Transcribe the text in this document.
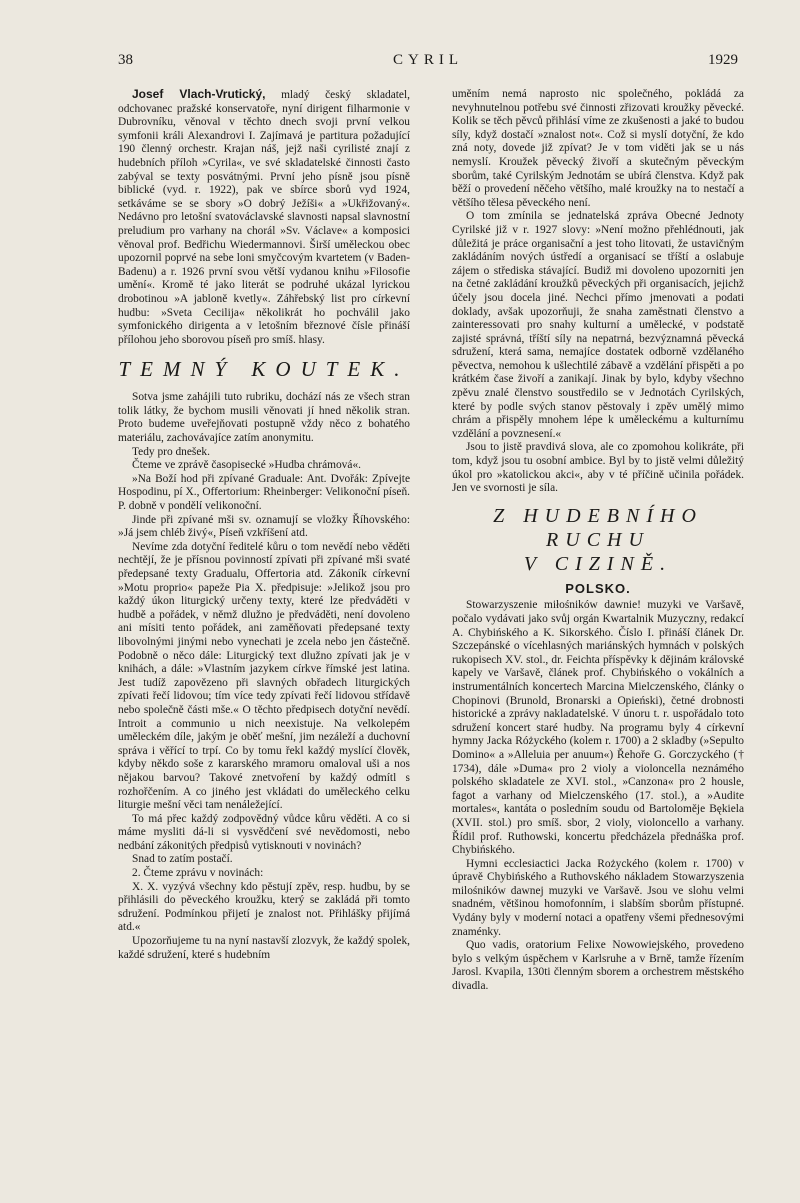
38	CYRIL	1929

Josef Vlach-Vrutický, mladý český skladatel, odchovanec pražské konservatoře, nyní dirigent filharmonie v Dubrovníku, věnoval v těchto dnech svoji první velkou symfonii králi Alexandrovi I. Zajímavá je partitura požadující 190 členný orchestr. Krajan náš, jejž naši cyrilisté znají z hudebních příloh »Cyrila«, ve své skladatelské činnosti často zabýval se texty posvátnými. První jeho písně jsou písně biblické (vyd. r. 1922), pak ve sbírce sborů vyd 1924, setkáváme se se sbory »O dobrý Ježíši« a »Ukřižovaný«. Nedávno pro letošní svatováclavské slavnosti napsal slavnostní preludium pro varhany na chorál »Sv. Václave« a komposici věnoval prof. Bedřichu Wiedermannovi. Širší uměleckou obec upozornil poprvé na sebe loni smyčcovým kvartetem (v Baden-Badenu) a r. 1926 první svou větší vydanou knihu »Filosofie umění«. Kromě té jako literát se podruhé ukázal lyrickou drobotinou »A jabloně kvetly«. Záhřebský list pro církevní hudbu: »Sveta Cecilija« několikrát ho pochválil jako symfonického dirigenta a v letošním březnové čísle přináší přílohou jeho sborovou píseň pro smíš. hlasy.

TEMNÝ KOUTEK.

Sotva jsme zahájili tuto rubriku, dochází nás ze všech stran tolik látky, že bychom musili věnovati jí hned několik stran. Proto budeme uveřejňovati postupně vždy něco z bohatého materiálu, zachovávajíce zatím anonymitu.

Tedy pro dnešek.

Čteme ve zprávě časopisecké »Hudba chrámová«.

»Na Boží hod při zpívané Graduale: Ant. Dvořák: Zpívejte Hospodinu, pí X., Offertorium: Rheinberger: Velikonoční píseň. P. dobně v pondělí velikonoční.

Jinde při zpívané mši sv. oznamují se vložky Říhovského: »Já jsem chléb živý«, Píseň vzkříšení atd.

Nevíme zda dotyční ředitelé kůru o tom nevědí nebo věděti nechtějí, že je přísnou povinností zpívati při zpívané mši svaté předepsané texty Gradualu, Offertoria atd. Zákoník církevní »Motu proprio« papeže Pia X. předpisuje: »Jelikož jsou pro každý úkon liturgický určeny texty, které lze předváděti v hudbě a pořádek, v němž dlužno je předváděti, není dovoleno ani mísiti tento pořádek, ani zaměňovati předepsané texty libovolnými jinými nebo vynechati je zcela nebo jen částečně. Podobně o něco dále: Liturgický text dlužno zpívati jak je v knihách, a dále: »Vlastním jazykem církve římské jest latina. Jest tudíž zapovězeno při slavných obřadech liturgických zpívati řečí lidovou; tím více tedy zpívati řečí lidovou střídavě nebo společně části mše.« O těchto předpisech dotyční nevědí. Introit a communio u nich neexistuje. Na velkolepém uměleckém díle, jakým je oběť mešní, jim nezáleží a duchovní správa i věřící to trpí. Co by tomu řekl každý myslící člověk, kdyby někdo soše z kararského mramoru omaloval uši a nos nějakou barvou? Takové znetvoření by každý odmítl s rozhořčením. A co jiného jest vkládati do uměleckého celku liturgie mešní věci tam nenáležející.

To má přec každý zodpovědný vůdce kůru věděti. A co si máme mysliti dá-li si vysvědčení své nevědomosti, nebo nedbání zákonitých předpisů vytisknouti v novinách?

Snad to zatím postačí.

2. Čteme zprávu v novinách:

X. X. vyzývá všechny kdo pěstují zpěv, resp. hudbu, by se přihlásili do pěveckého kroužku, který se zakládá při tomto sdružení. Podmínkou přijetí je znalost not. Přihlášky přijímá atd.«

Upozorňujeme tu na nyní nastavší zlozvyk, že každý spolek, každé sdružení, které s hudebním

uměním nemá naprosto nic společného, pokládá za nevyhnutelnou potřebu své činnosti zřizovati kroužky pěvecké. Kolik se těch pěvců přihlásí víme ze zkušenosti a jaké to budou síly, když dostačí »znalost not«. Což si myslí dotyční, že kdo zná noty, dovede již zpívat? Je v tom viděti jak se u nás nemyslí. Kroužek pěvecký živoří a skutečným pěveckým sborům, také Cyrilským Jednotám se ubírá členstva. Když pak běží o provedení něčeho většího, malé kroužky na to nestačí a většího tělesa pěveckého není.

O tom zmínila se jednatelská zpráva Obecné Jednoty Cyrilské již v r. 1927 slovy: »Není možno přehlédnouti, jak důležitá je práce organisační a jest toho litovati, že ustavičným zakládáním nových ústředí a organisací se tříští a oslabuje zájem o střediska stávající. Budiž mi dovoleno upozorniti jen na četné zakládání kroužků pěveckých při organisacích, jejichž účely jsou docela jiné. Nechci přímo jmenovati a podati doklady, avšak upozorňuji, že snaha zaměstnati členstvo a zainteressovati pro snahy kulturní a umělecké, v podstatě zajisté správná, tříští síly na nepatrná, bezvýznamná pěvecká sdružení, která sama, nemajíce dostatek odborně vzdělaného pěvectva, nemohou k ušlechtilé zábavě a vzdělání přispěti a po krátkém čase živoří a zanikají. Jinak by bylo, kdyby všechno zpěvu znalé členstvo soustředilo se v Jednotách Cyrilských, které by podle svých stanov pěstovaly i zpěv umělý mimo chrám a přispěly mnohem lépe k uměleckému a kulturnímu vzdělání a povznesení.«

Jsou to jistě pravdivá slova, ale co zpomohou kolikráte, při tom, když jsou tu osobní ambice. Byl by to jistě velmi důležitý úkol pro »katolickou akci«, aby v té příčině učinila pořádek. Jen ve svornosti je síla.

Z HUDEBNÍHO RUCHU
V CIZINĚ.
POLSKO.

Stowarzyszenie miłośników dawnie! muzyki ve Varšavě, počalo vydávati jako svůj orgán Kwartalnik Muzyczny, redakcí A. Chybińského a K. Sikorského. Číslo I. přináší článek Dr. Szczepánské o vícehlasných mariánských hymnách v polských rukopisech XV. stol., dr. Feichta příspěvky k dějinám královské kapely ve Varšavě, článek prof. Chybińského o vokálních a instrumentálních koncertech Marcina Mielczenského, články o Chopinovi (Brunold, Bronarski a Opieński), četné drobnosti historické a zprávy nakladatelské. V únoru t. r. uspořádalo toto sdružení koncert staré hudby. Na programu byly 4 církevní hymny Jacka Różyckého (kolem r. 1700) a 2 skladby (»Sepulto Domino« a »Alleluia per anuum«) Řehoře G. Gorczyckého († 1734), dále »Duma« pro 2 violy a violoncella neznámého polského skladatele ze XVI. stol., »Canzona« pro 2 housle, fagot a varhany od Mielczenského (17. stol.), a »Audite mortales«, kantáta o posledním soudu od Bartoloměje Bękiela (XVII. stol.) pro smíš. sbor, 2 violy, violoncello a varhany. Řídil prof. Ruthowski, koncertu předcházela přednáška prof. Chybińského.

Hymni ecclesiactici Jacka Rożyckého (kolem r. 1700) v úpravě Chybińského a Ruthovského nákladem Stowarzyszenia milośników dawnej muzyki ve Varšavě. Jsou ve slohu velmi snadném, většinou homofonním, i slabším sborům přístupné. Vydány byly v moderní notaci a opatřeny všemi přednesovými znaménky.

Quo vadis, oratorium Felixe Nowowiejského, provedeno bylo s velkým úspěchem v Karlsruhe a v Brně, tamže řízením Jarosl. Kvapila, 130ti členným sborem a orchestrem městského divadla.
